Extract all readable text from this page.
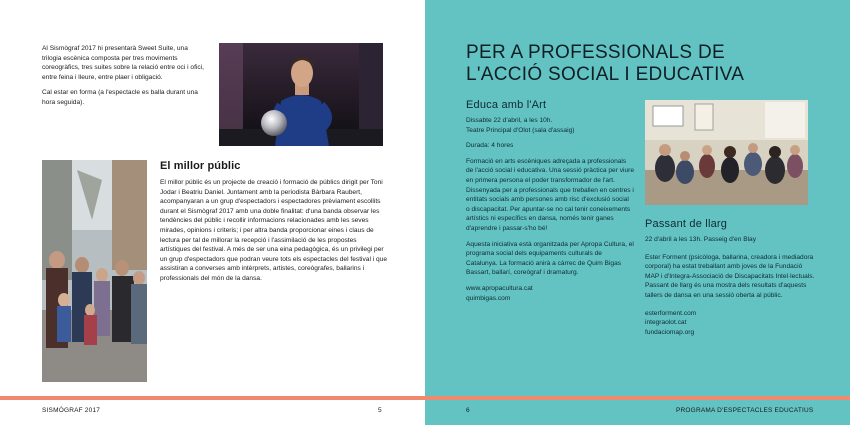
Al Sismògraf 2017 hi presentarà Sweet Suite, una trilogia escènica composta per tres moviments coreogràfics, tres suites sobre la relació entre oci i ofici, entre feina i lleure, entre plaer i obligació.

Cal estar en forma (a l'espectacle es balla durant una hora seguida).

El millor públic

El millor públic és un projecte de creació i formació de públics dirigit per Toni Jodar i Beatriu Daniel. Juntament amb la periodista Bàrbara Raubert, acompanyaran a un grup d'espectadors i espectadores prèviament escollits durant el Sismògraf 2017 amb una doble finalitat: d'una banda observar les tendències del públic i recollir informacions relacionades amb les seves mirades, opinions i criteris; i per altra banda proporcionar eines i claus de lectura per tal de millorar la recepció i l'assimilació de les propostes artístiques del festival. A més de ser una eina pedagògica, és un privilegi per un grup d'espectadors que podran veure tots els espectacles del festival i que assistiran a converses amb intèrprets, artistes, coreògrafes, ballarins i professionals del món de la dansa.

PER A PROFESSIONALS DE
L'ACCIÓ SOCIAL I EDUCATIVA
Educa amb l'Art

Dissabte 22 d'abril, a les 10h.

Teatre Principal d'Olot (sala d'assaig)

Durada: 4 hores

Formació en arts escèniques adreçada a professionals de l'acció social i educativa. Una sessió pràctica per viure en primera persona el poder transformador de l'art. Dissenyada per a professionals que treballen en centres i entitats socials amb persones amb risc d'exclusió social o discapacitat. Per apuntar-se no cal tenir coneixements artístics ni específics en dansa, només tenir ganes d'aprendre i passar-s'ho bé!

Aquesta iniciativa està organitzada per Apropa Cultura, el programa social dels equipaments culturals de Catalunya. La formació anirà a càrrec de Quim Bigas Bassart, ballarí, coreògraf i dramaturg.

www.apropacultura.cat

quimbigas.com

Passant de llarg

22 d'abril a les 13h. Passeig d'en Blay

Ester Forment (psicòloga, ballarina, creadora i mediadora corporal) ha estat treballant amb joves de la Fundació MAP i d'Integra-Associació de Discapacitats Intel·lectuals. Passant de llarg és una mostra dels resultats d'aquests tallers de dansa en una sessió oberta al públic.

esterforment.com

integraolot.cat

fundaciomap.org

SISMÒGRAF 2017	5	6	PROGRAMA D'ESPECTACLES EDUCATIUS
